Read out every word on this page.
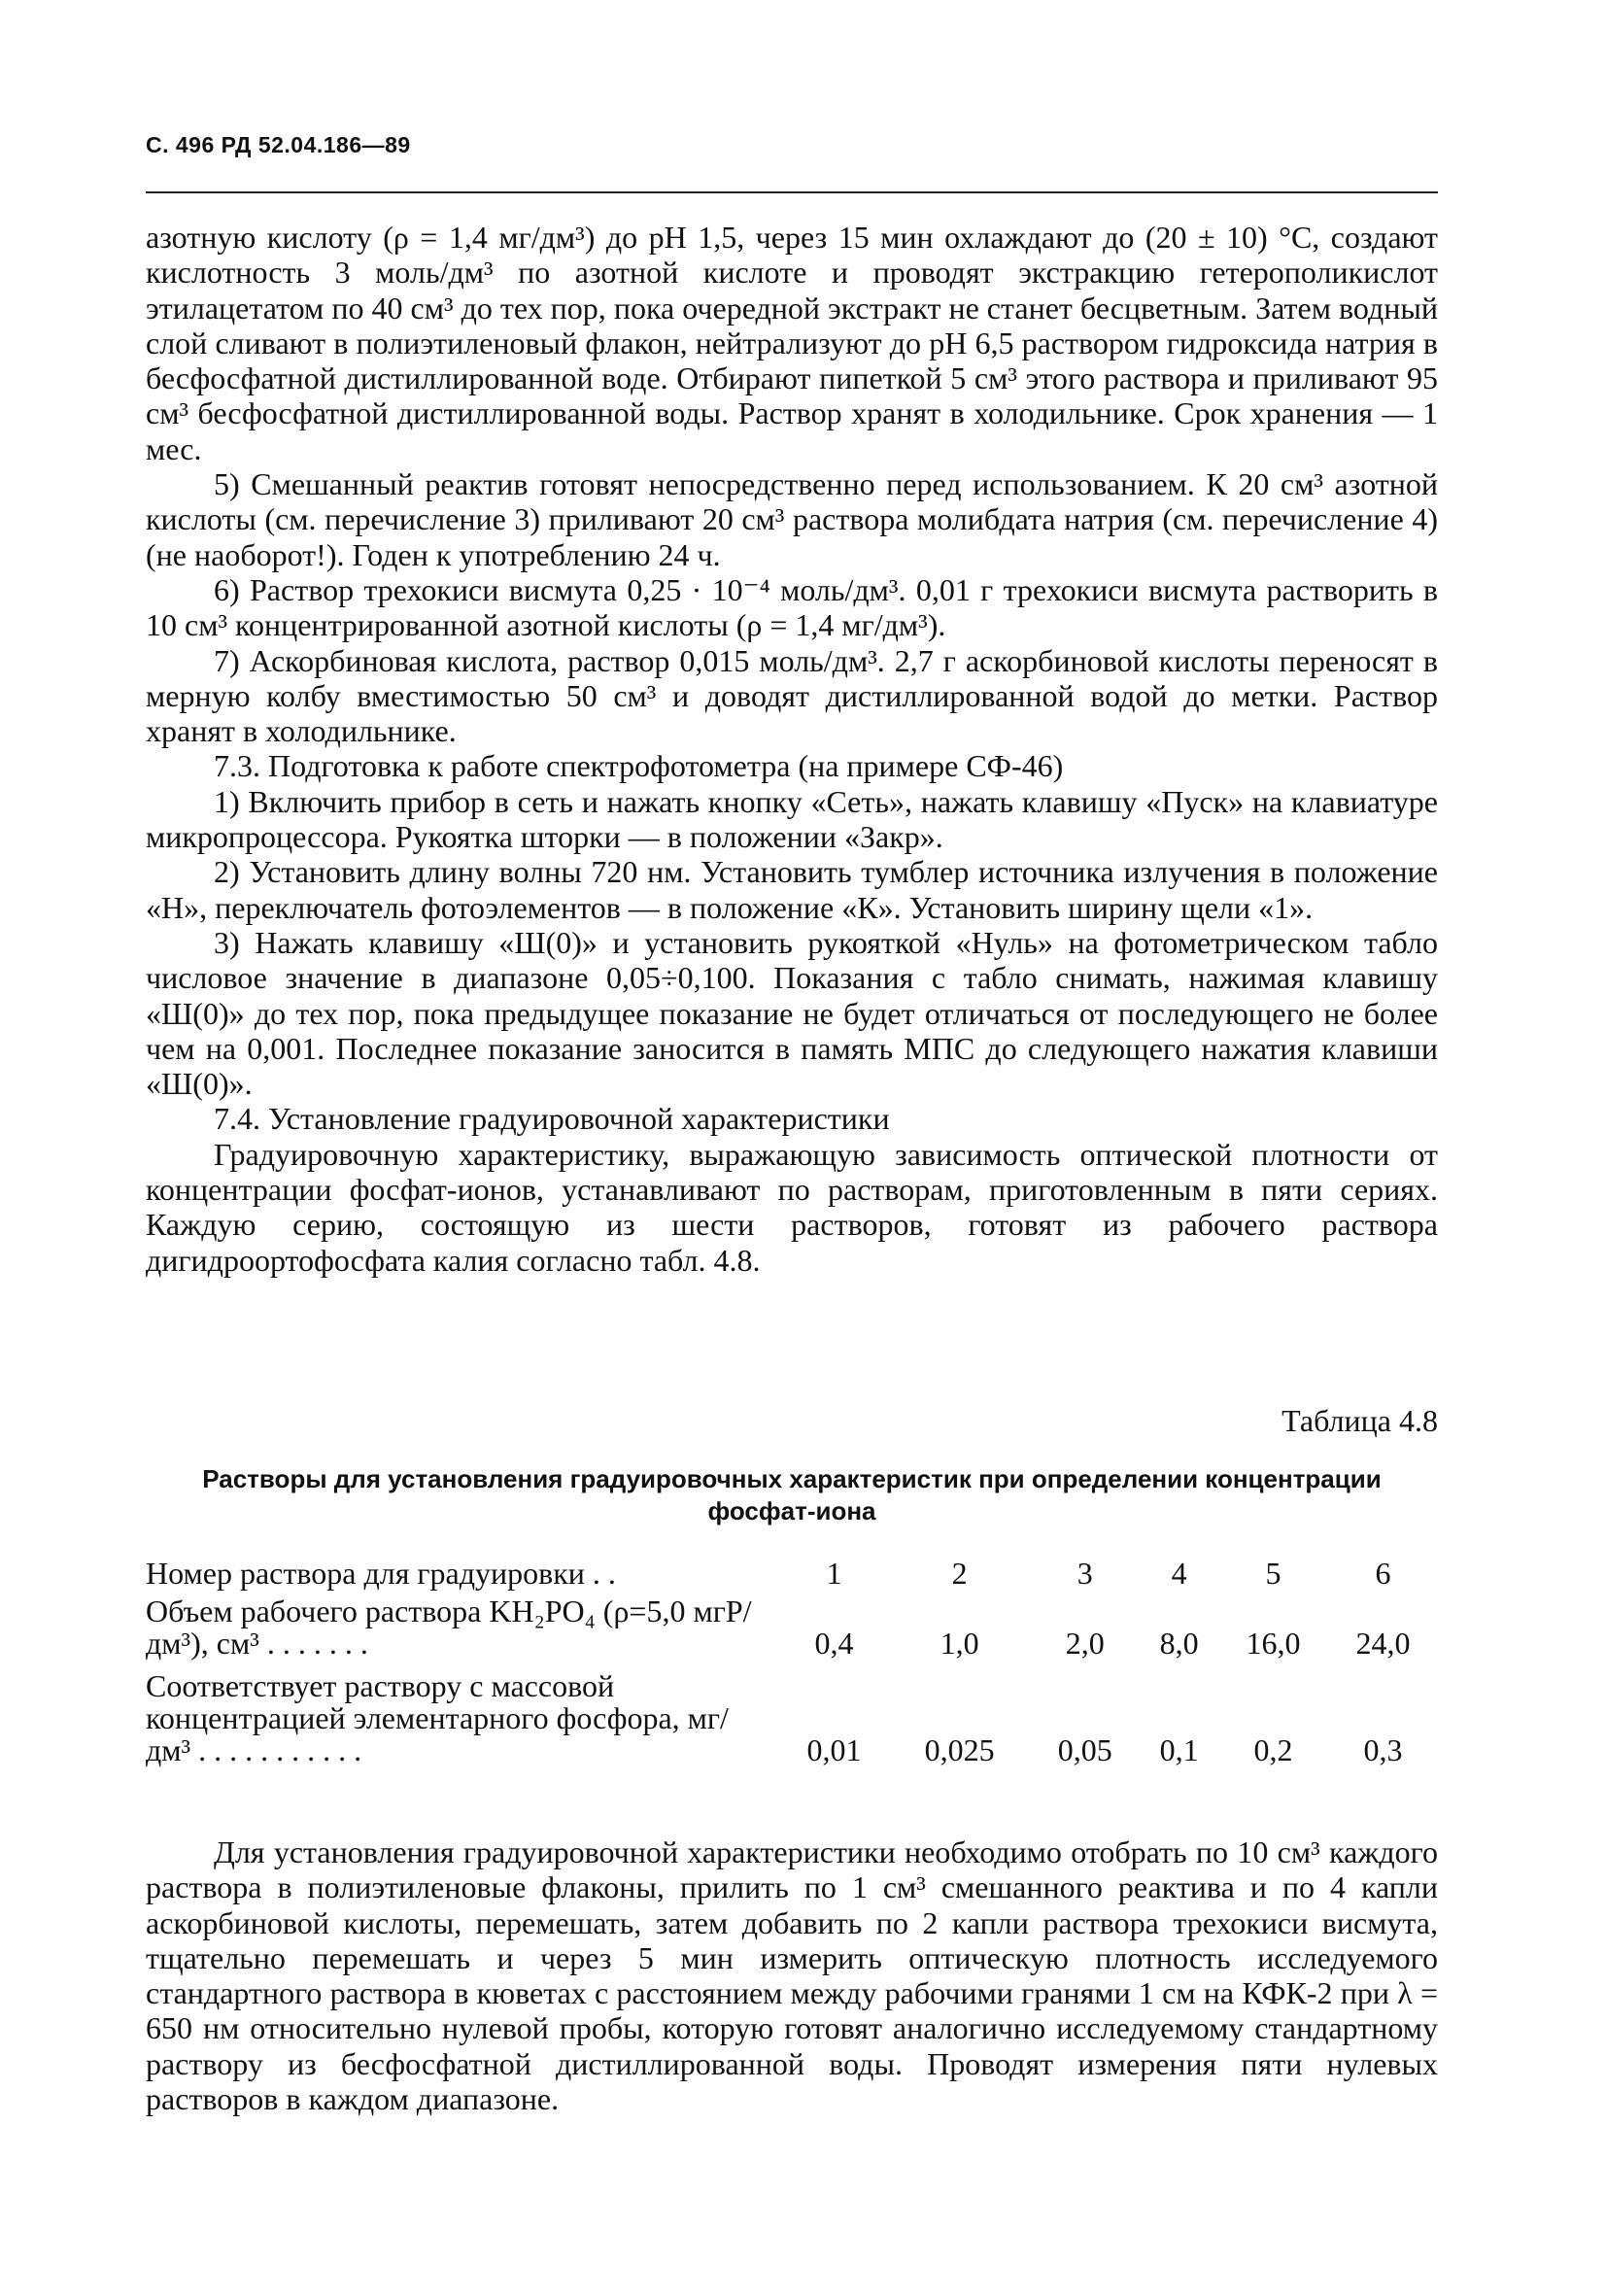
С. 496 РД 52.04.186—89

азотную кислоту (ρ = 1,4 мг/дм³) до pH 1,5, через 15 мин охлаждают до (20 ± 10) °С, создают кислотность 3 моль/дм³ по азотной кислоте и проводят экстракцию гетерополикислот этилацетатом по 40 см³ до тех пор, пока очередной экстракт не станет бесцветным. Затем водный слой сливают в полиэтиленовый флакон, нейтрализуют до pH 6,5 раствором гидроксида натрия в бесфосфатной дистиллированной воде. Отбирают пипеткой 5 см³ этого раствора и приливают 95 см³ бесфосфатной дистиллированной воды. Раствор хранят в холодильнике. Срок хранения — 1 мес.

5) Смешанный реактив готовят непосредственно перед использованием. К 20 см³ азотной кислоты (см. перечисление 3) приливают 20 см³ раствора молибдата натрия (см. перечисление 4) (не наоборот!). Годен к употреблению 24 ч.

6) Раствор трехокиси висмута 0,25 · 10⁻⁴ моль/дм³. 0,01 г трехокиси висмута растворить в 10 см³ концентрированной азотной кислоты (ρ = 1,4 мг/дм³).

7) Аскорбиновая кислота, раствор 0,015 моль/дм³. 2,7 г аскорбиновой кислоты переносят в мерную колбу вместимостью 50 см³ и доводят дистиллированной водой до метки. Раствор хранят в холодильнике.

7.3. Подготовка к работе спектрофотометра (на примере СФ-46)

1) Включить прибор в сеть и нажать кнопку «Сеть», нажать клавишу «Пуск» на клавиатуре микропроцессора. Рукоятка шторки — в положении «Закр».

2) Установить длину волны 720 нм. Установить тумблер источника излучения в положение «Н», переключатель фотоэлементов — в положение «К». Установить ширину щели «1».

3) Нажать клавишу «Ш(0)» и установить рукояткой «Нуль» на фотометрическом табло числовое значение в диапазоне 0,05÷0,100. Показания с табло снимать, нажимая клавишу «Ш(0)» до тех пор, пока предыдущее показание не будет отличаться от последующего не более чем на 0,001. Последнее показание заносится в память МПС до следующего нажатия клавиши «Ш(0)».

7.4. Установление градуировочной характеристики

Градуировочную характеристику, выражающую зависимость оптической плотности от концентрации фосфат-ионов, устанавливают по растворам, приготовленным в пяти сериях. Каждую серию, состоящую из шести растворов, готовят из рабочего раствора дигидроортофосфата калия согласно табл. 4.8.

Таблица 4.8
Растворы для установления градуировочных характеристик при определении концентрации фосфат-иона
Номер раствора для градуировки . .	1	2	3	4	5	6
Объем рабочего раствора KH₂PO₄ (ρ=5,0 мгР/дм³), см³ . . . . . . .	0,4	1,0	2,0	8,0	16,0	24,0
Соответствует раствору с массовой концентрацией элементарного фосфора, мг/дм³ . . . . . . . . . . .	0,01	0,025	0,05	0,1	0,2	0,3

Для установления градуировочной характеристики необходимо отобрать по 10 см³ каждого раствора в полиэтиленовые флаконы, прилить по 1 см³ смешанного реактива и по 4 капли аскорбиновой кислоты, перемешать, затем добавить по 2 капли раствора трехокиси висмута, тщательно перемешать и через 5 мин измерить оптическую плотность исследуемого стандартного раствора в кюветах с расстоянием между рабочими гранями 1 см на КФК-2 при λ = 650 нм относительно нулевой пробы, которую готовят аналогично исследуемому стандартному раствору из бесфосфатной дистиллированной воды. Проводят измерения пяти нулевых растворов в каждом диапазоне.
